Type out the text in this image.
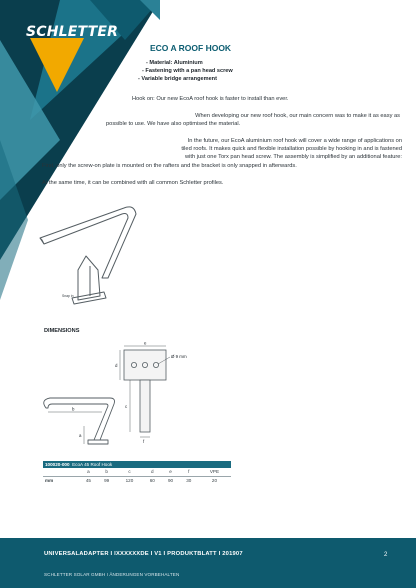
SCHLETTER
ECO A ROOF HOOK
- Material: Aluminium
- Fastening with a pan head screw
- Variable bridge arrangement
Hook on: Our new EcoA roof hook is faster to install than ever.
When developing our new roof hook, our main concern was to make it as easy as
possible to use. We have also optimised the material.
In the future, our EcoA aluminium roof hook will cover a wide range of applications on
tiled roofs. It makes quick and flexible installation possible by hooking in and is fastened
with just one Torx pan head screw. The assembly is simplified by an additional feature:
First, only the screw-on plate is mounted on the rafters and the bracket is only snapped in afterwards.
At the same time, it can be combined with all common Schletter profiles.
Snap in
DIMENSIONS
e
d
c
f
b
a
Ø 9 mm
100020-000 EcoA 45 Roof Hook							
	a	b	c	d	e	f	VPE
mm	45	99	120	60	90	30	20
UNIVERSALADAPTER I IXXXXXXDE I V1 I PRODUKTBLATT I 201907	2
SCHLETTER SOLAR GMBH I ÄNDERUNGEN VORBEHALTEN
